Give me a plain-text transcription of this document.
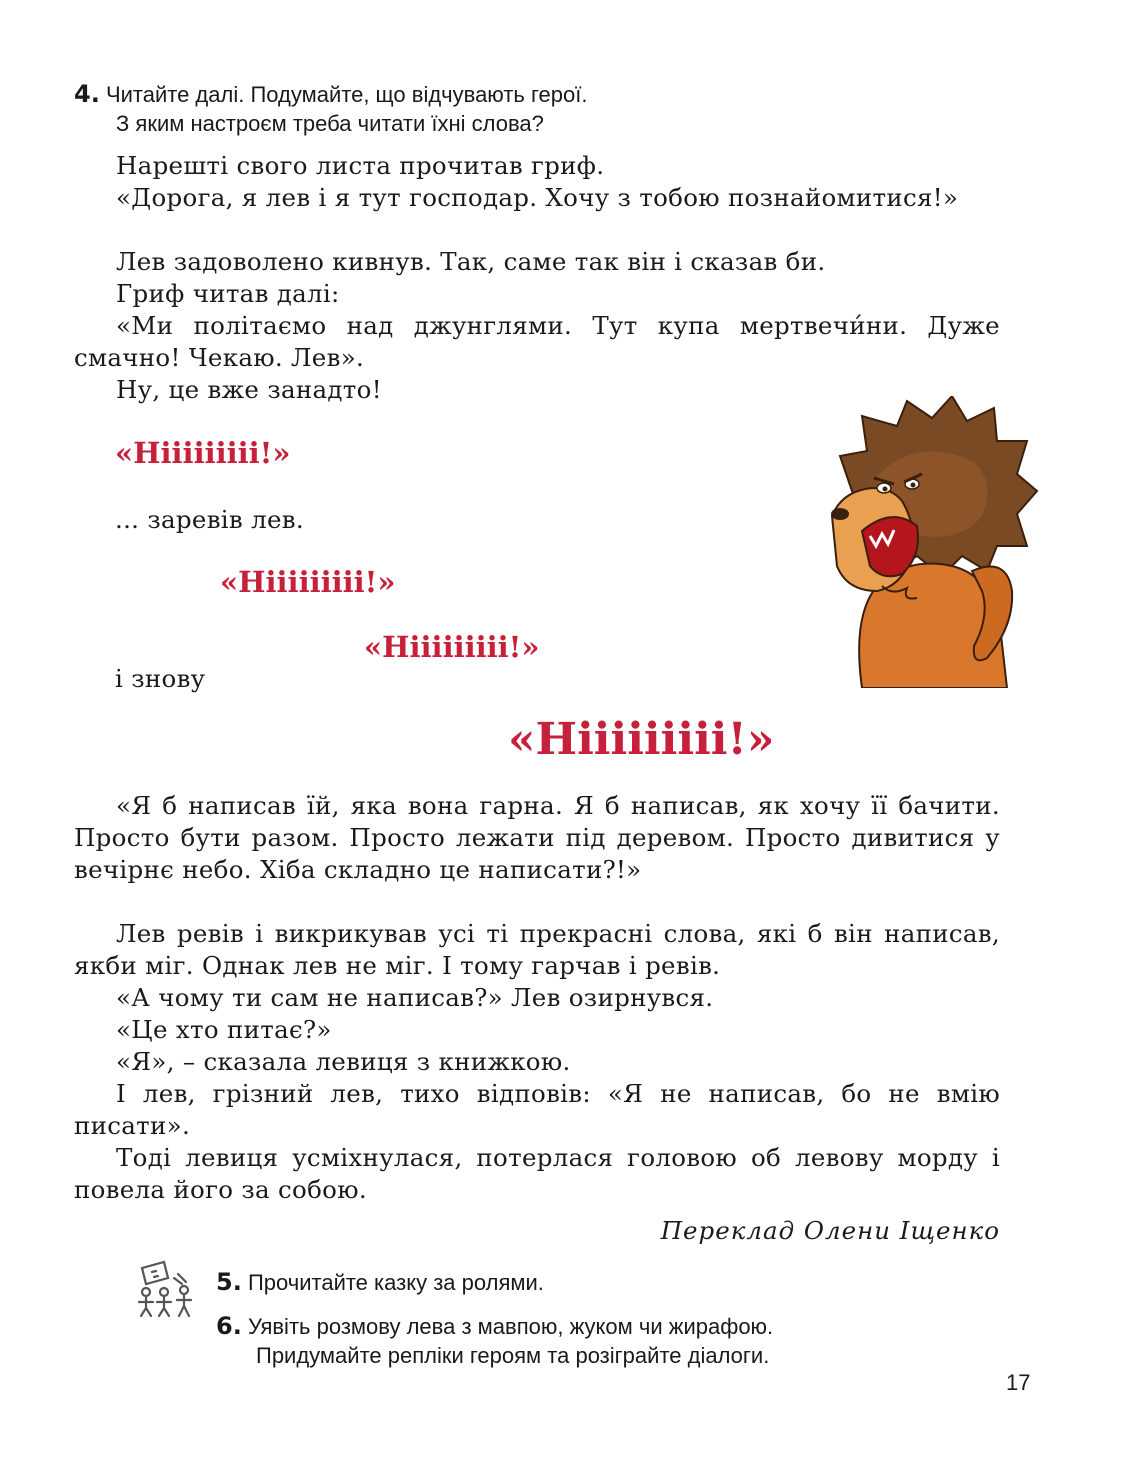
4. Читайте далі. Подумайте, що відчувають герої.
З яким настроєм треба читати їхні слова?

Нарешті свого листа прочитав гриф.

«Дорога, я лев і я тут господар. Хочу з тобою познайомитися!»

Лев задоволено кивнув. Так, саме так він і сказав би.

Гриф читав далі:

«Ми політаємо над джунглями. Тут купа мертвечи́ни. Дуже смачно! Чекаю. Лев».

Ну, це вже занадто!

«Нііііііііі!»

... заревів лев.

«Нііііііііі!»

«Нііііііііі!»

і знову

«Нііііііііі!»

«Я б написав їй, яка вона гарна. Я б написав, як хочу її бачити. Просто бути разом. Просто лежати під деревом. Просто дивитися у вечірнє небо. Хіба складно це написати?!»

Лев ревів і викрикував усі ті прекрасні слова, які б він написав, якби міг. Однак лев не міг. І тому гарчав і ревів.

«А чому ти сам не написав?» Лев озирнувся.

«Це хто питає?»

«Я», – сказала левиця з книжкою.

І лев, грізний лев, тихо відповів: «Я не написав, бо не вмію писати».

Тоді левиця усміхнулася, потерлася головою об левову морду і повела його за собою.

Переклад Олени Іщенко

5. Прочитайте казку за ролями.
6. Уявіть розмову лева з мавпою, жуком чи жирафою.
Придумайте репліки героям та розіграйте діалоги.
17
